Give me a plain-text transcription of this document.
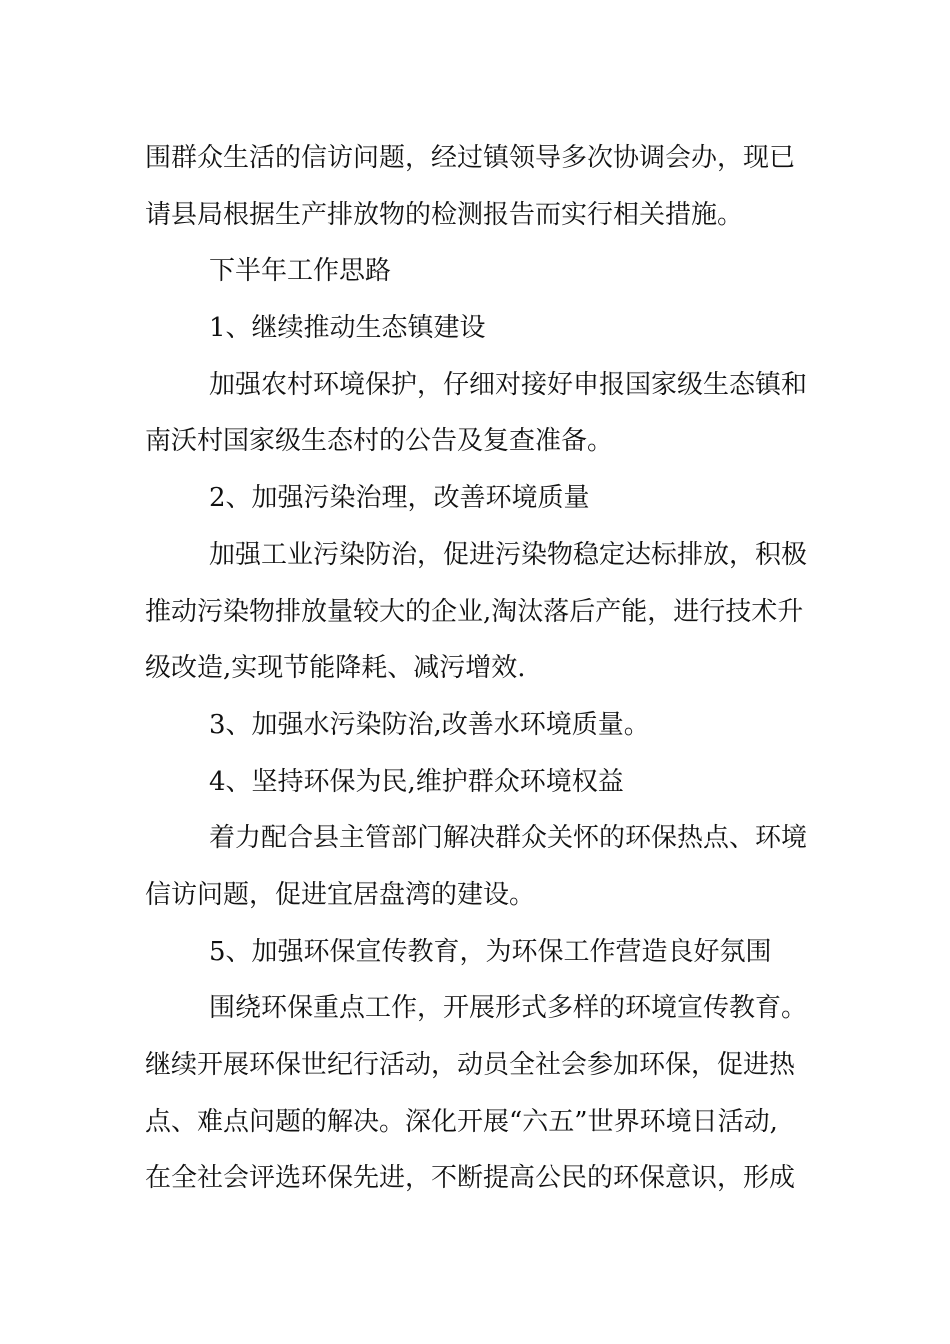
围群众生活的信访问题，经过镇领导多次协调会办，现已
请县局根据生产排放物的检测报告而实行相关措施。
下半年工作思路
1、继续推动生态镇建设
加强农村环境保护，仔细对接好申报国家级生态镇和
南沃村国家级生态村的公告及复查准备。
2、加强污染治理，改善环境质量
加强工业污染防治，促进污染物稳定达标排放，积极
推动污染物排放量较大的企业,淘汰落后产能，进行技术升
级改造,实现节能降耗、减污增效.
3、加强水污染防治,改善水环境质量。
4、坚持环保为民,维护群众环境权益
着力配合县主管部门解决群众关怀的环保热点、环境
信访问题，促进宜居盘湾的建设。
5、加强环保宣传教育，为环保工作营造良好氛围
围绕环保重点工作，开展形式多样的环境宣传教育。
继续开展环保世纪行活动，动员全社会参加环保，促进热
点、难点问题的解决。深化开展“六五”世界环境日活动,
在全社会评选环保先进，不断提高公民的环保意识，形成
